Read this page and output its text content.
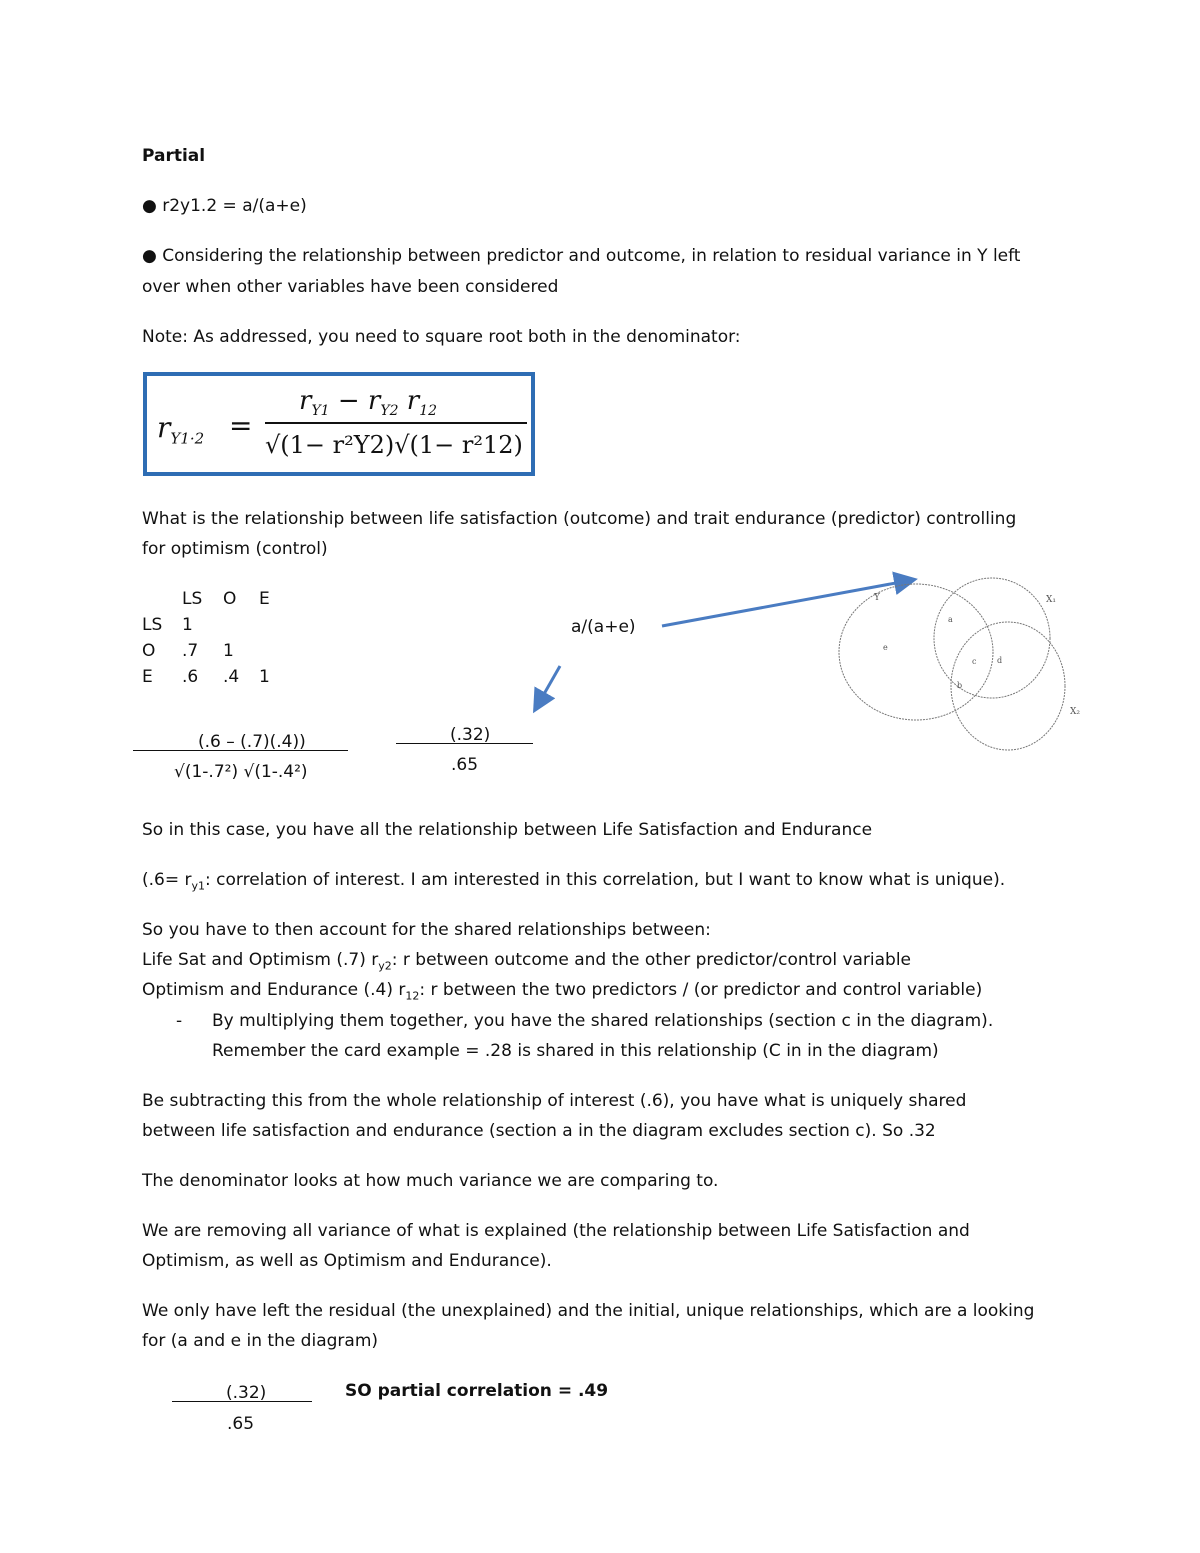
Partial
● r2y1.2 = a/(a+e)
● Considering the relationship between predictor and outcome, in relation to residual variance in Y left
over when other variables have been considered
Note: As addressed, you need to square root both in the denominator:
$r_{Y1\cdot 2}$ =
$r_{Y1} - r_{Y2}$ $r_{12}$
√(1− r²Y2)√(1− r²12)
What is the relationship between life satisfaction (outcome) and trait endurance (predictor) controlling
for optimism (control)
LS O E
LS 1
O .7 1
E .6 .4 1
a/(a+e)
Y	X₁
X₂
a
b
c	d
e
(.6 – (.7)(.4))
√(1-.7²) √(1-.4²)
(.32)
.65
So in this case, you have all the relationship between Life Satisfaction and Endurance
($.6= r_{y1}$: correlation of interest. I am interested in this correlation, but I want to know what is unique).
So you have to then account for the shared relationships between:
Life Sat and Optimism (.7) $r_{y2}$: r between outcome and the other predictor/control variable
Optimism and Endurance (.4) $r_{12}$: r between the two predictors / (or predictor and control variable)
- By multiplying them together, you have the shared relationships (section c in the diagram).
Remember the card example = .28 is shared in this relationship (C in in the diagram)
Be subtracting this from the whole relationship of interest (.6), you have what is uniquely shared
between life satisfaction and endurance (section a in the diagram excludes section c). So .32
The denominator looks at how much variance we are comparing to.
We are removing all variance of what is explained (the relationship between Life Satisfaction and
Optimism, as well as Optimism and Endurance).
We only have left the residual (the unexplained) and the initial, unique relationships, which are a looking
for (a and e in the diagram)
(.32)
.65
SO partial correlation = .49
